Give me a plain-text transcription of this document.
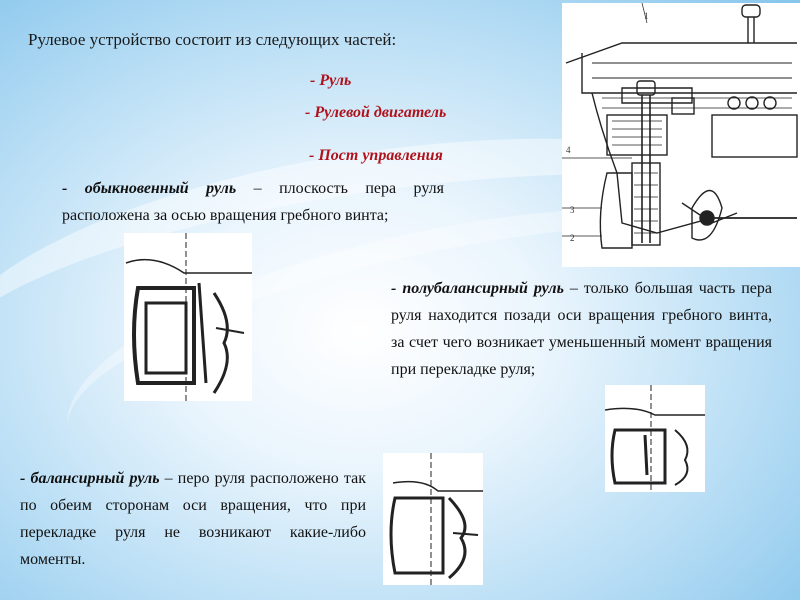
Рулевое устройство состоит из следующих частей:
- Руль
- Рулевой двигатель
- Пост управления
- обыкновенный руль – плоскость пера руля расположена за осью вращения гребного винта;
- полубалансирный руль – только большая часть пера руля находится позади оси вращения гребного винта, за счет чего возникает уменьшенный момент вращения при перекладке руля;
- балансирный руль – перо руля расположено так по обеим сторонам оси вращения, что при перекладке руля не возникают какие-либо моменты.
1
2
3
4
